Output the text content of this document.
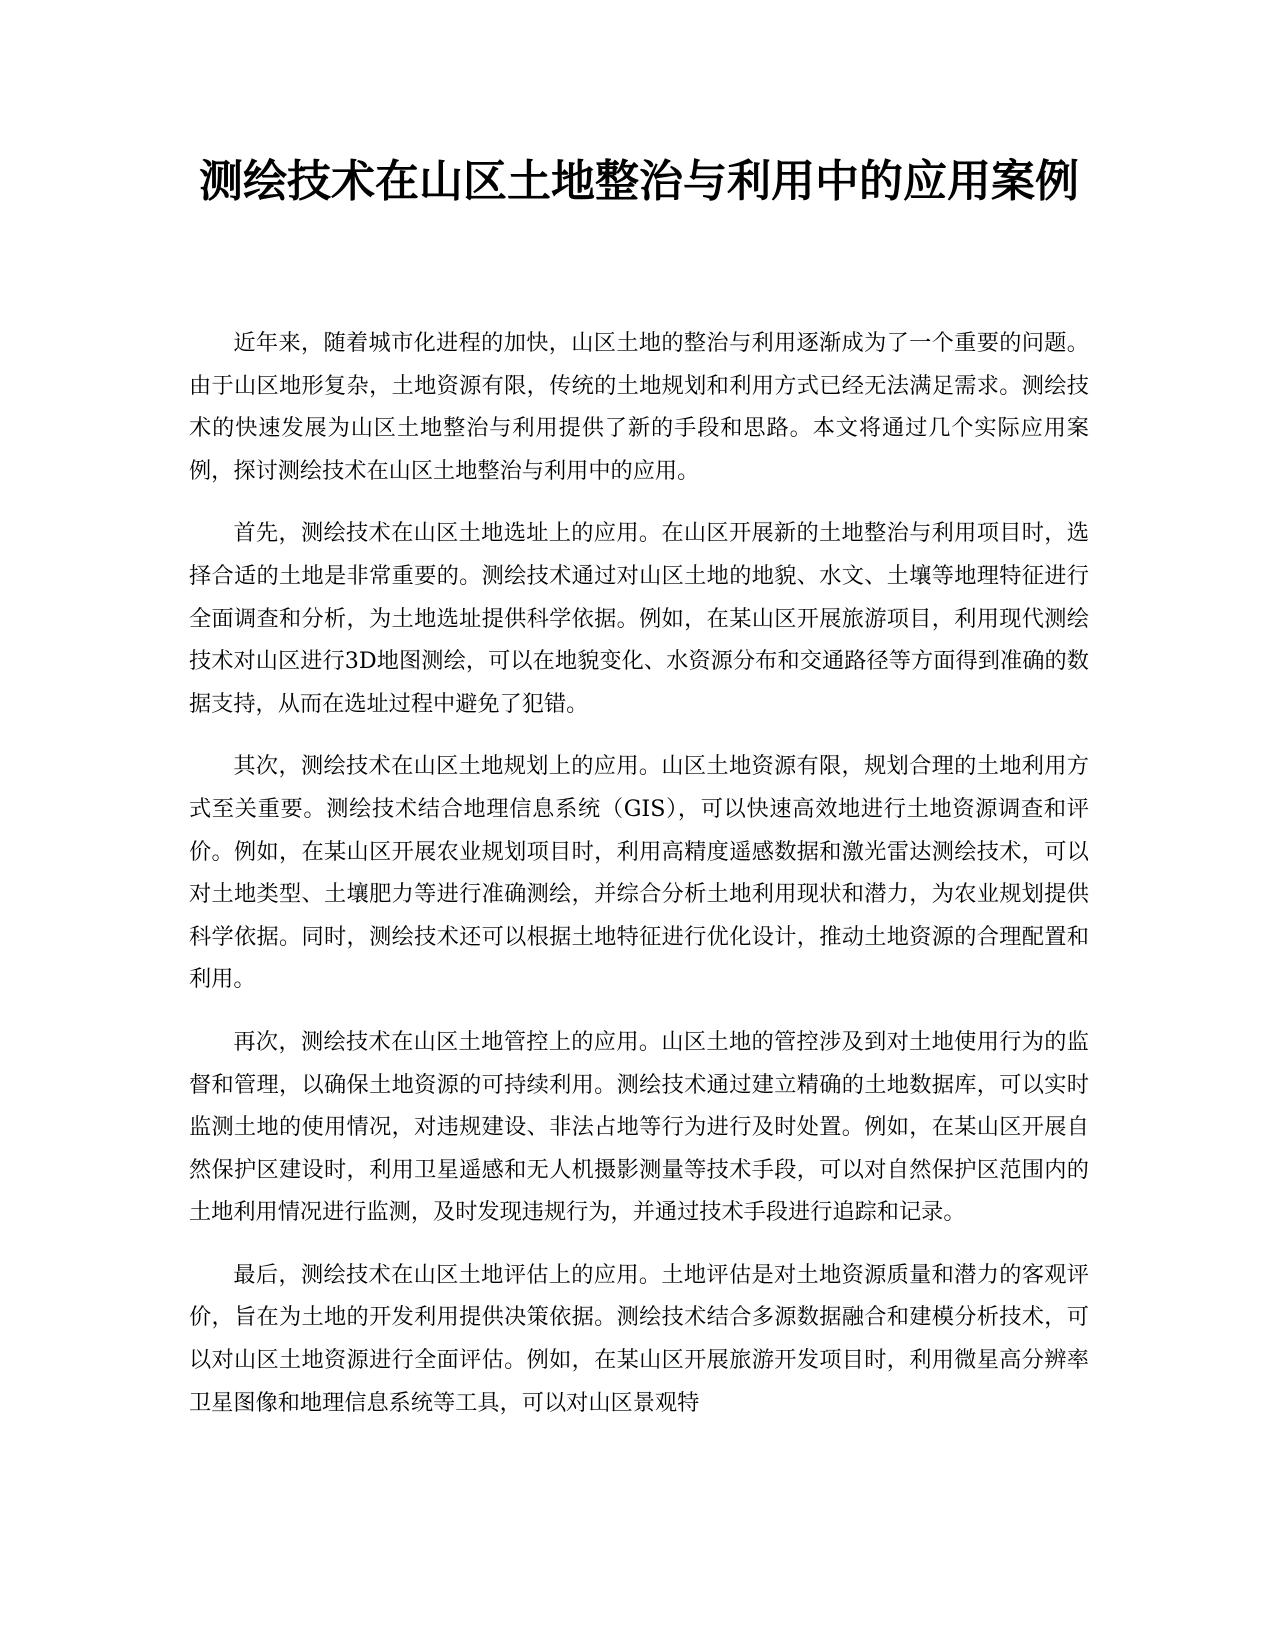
测绘技术在山区土地整治与利用中的应用案例

近年来，随着城市化进程的加快，山区土地的整治与利用逐渐成为了一个重要的问题。由于山区地形复杂，土地资源有限，传统的土地规划和利用方式已经无法满足需求。测绘技术的快速发展为山区土地整治与利用提供了新的手段和思路。本文将通过几个实际应用案例，探讨测绘技术在山区土地整治与利用中的应用。

首先，测绘技术在山区土地选址上的应用。在山区开展新的土地整治与利用项目时，选择合适的土地是非常重要的。测绘技术通过对山区土地的地貌、水文、土壤等地理特征进行全面调查和分析，为土地选址提供科学依据。例如，在某山区开展旅游项目，利用现代测绘技术对山区进行3D地图测绘，可以在地貌变化、水资源分布和交通路径等方面得到准确的数据支持，从而在选址过程中避免了犯错。

其次，测绘技术在山区土地规划上的应用。山区土地资源有限，规划合理的土地利用方式至关重要。测绘技术结合地理信息系统（GIS），可以快速高效地进行土地资源调查和评价。例如，在某山区开展农业规划项目时，利用高精度遥感数据和激光雷达测绘技术，可以对土地类型、土壤肥力等进行准确测绘，并综合分析土地利用现状和潜力，为农业规划提供科学依据。同时，测绘技术还可以根据土地特征进行优化设计，推动土地资源的合理配置和利用。

再次，测绘技术在山区土地管控上的应用。山区土地的管控涉及到对土地使用行为的监督和管理，以确保土地资源的可持续利用。测绘技术通过建立精确的土地数据库，可以实时监测土地的使用情况，对违规建设、非法占地等行为进行及时处置。例如，在某山区开展自然保护区建设时，利用卫星遥感和无人机摄影测量等技术手段，可以对自然保护区范围内的土地利用情况进行监测，及时发现违规行为，并通过技术手段进行追踪和记录。

最后，测绘技术在山区土地评估上的应用。土地评估是对土地资源质量和潜力的客观评价，旨在为土地的开发利用提供决策依据。测绘技术结合多源数据融合和建模分析技术，可以对山区土地资源进行全面评估。例如，在某山区开展旅游开发项目时，利用微星高分辨率卫星图像和地理信息系统等工具，可以对山区景观特
